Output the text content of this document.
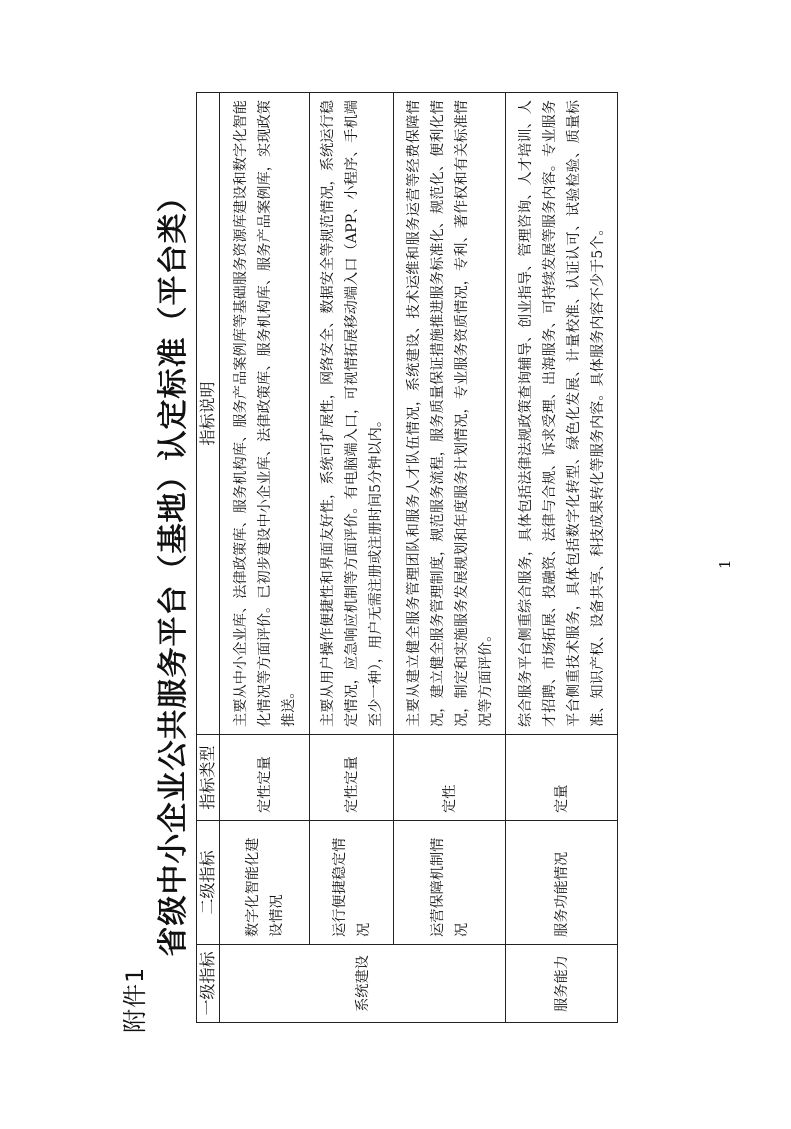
附件1
省级中小企业公共服务平台（基地）认定标准（平台类）
一级指标	二级指标	指标类型	指标说明
系统建设	数字化智能化建设情况	定性定量	主要从中小企业库、法律政策库、服务机构库、服务产品案例库等基础服务资源库建设和数字化智能化情况等方面评价。已初步建设中小企业库、法律政策库、服务机构库、服务产品案例库，实现政策推送。
	运行便捷稳定情况	定性定量	主要从用户操作便捷性和界面友好性，系统可扩展性，网络安全、数据安全等规范情况，系统运行稳定情况，应急响应机制等方面评价。有电脑端入口，可视情拓展移动端入口（APP、小程序、手机端至少一种），用户无需注册或注册时间5分钟以内。
	运营保障机制情况	定性	主要从建立健全服务管理团队和服务人才队伍情况，系统建设、技术运维和服务运营等经费保障情况，建立健全服务管理制度，规范服务流程，服务质量保证措施推进服务标准化、规范化、便利化情况，制定和实施服务发展规划和年度服务计划情况，专业服务资质情况，专利、著作权和有关标准情况等方面评价。
服务能力	服务功能情况	定量	综合服务平台侧重综合服务，具体包括法律法规政策查询辅导、创业指导、管理咨询、人才培训、人才招聘、市场拓展、投融资、法律与合规、诉求受理、出海服务、可持续发展等服务内容。专业服务平台侧重技术服务，具体包括数字化转型、绿色化发展、计量校准、认证认可、试验检验、质量标准、知识产权、设备共享、科技成果转化等服务内容。具体服务内容不少于5个。	1
